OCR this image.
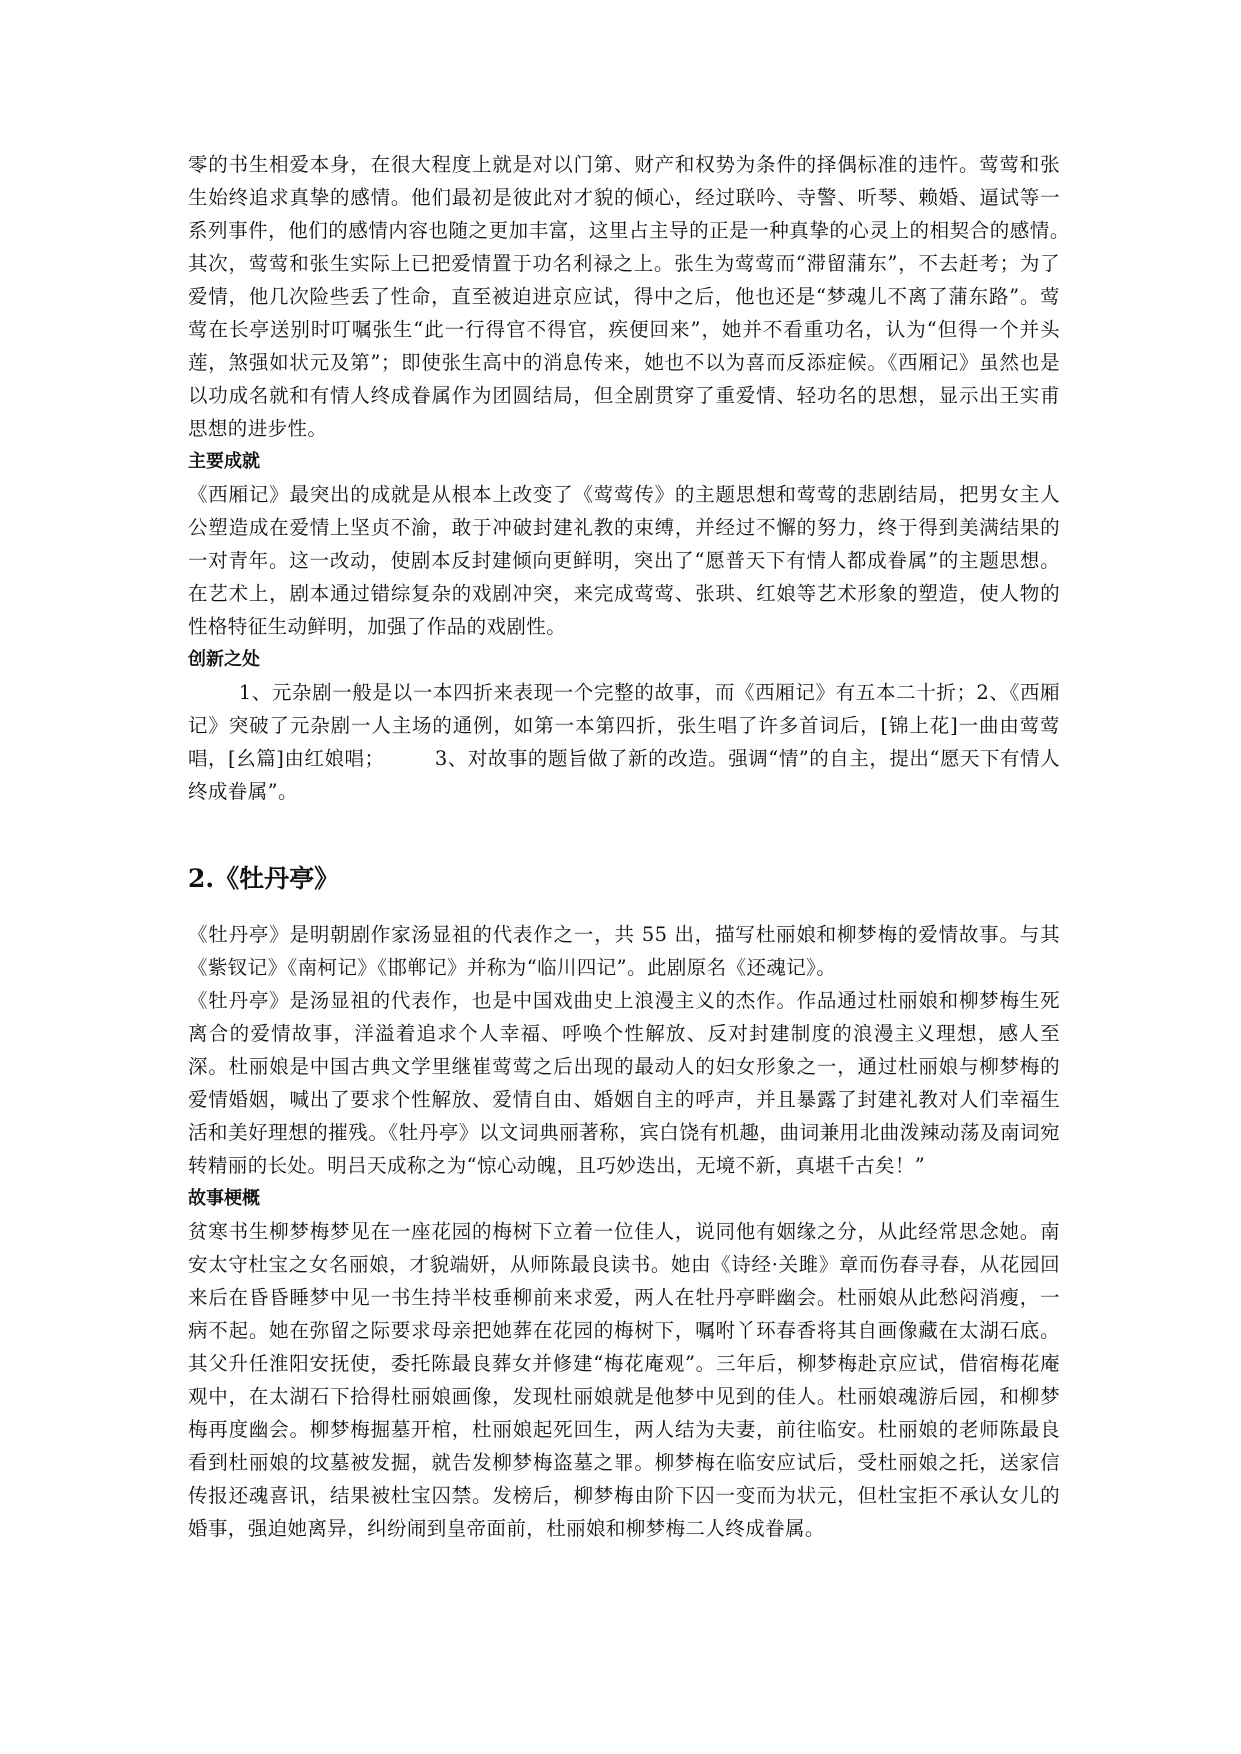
零的书生相爱本身，在很大程度上就是对以门第、财产和权势为条件的择偶标准的违忤。莺莺和张生始终追求真挚的感情。他们最初是彼此对才貌的倾心，经过联吟、寺警、听琴、赖婚、逼试等一系列事件，他们的感情内容也随之更加丰富，这里占主导的正是一种真挚的心灵上的相契合的感情。　　　其次，莺莺和张生实际上已把爱情置于功名利禄之上。张生为莺莺而“滞留蒲东”，不去赶考；为了爱情，他几次险些丢了性命，直至被迫进京应试，得中之后，他也还是“梦魂儿不离了蒲东路”。莺莺在长亭送别时叮嘱张生“此一行得官不得官，疾便回来”，她并不看重功名，认为“但得一个并头莲，煞强如状元及第”；即使张生高中的消息传来，她也不以为喜而反添症候。《西厢记》虽然也是以功成名就和有情人终成眷属作为团圆结局，但全剧贯穿了重爱情、轻功名的思想，显示出王实甫思想的进步性。

主要成就

《西厢记》最突出的成就是从根本上改变了《莺莺传》的主题思想和莺莺的悲剧结局，把男女主人公塑造成在爱情上坚贞不渝，敢于冲破封建礼教的束缚，并经过不懈的努力，终于得到美满结果的一对青年。这一改动，使剧本反封建倾向更鲜明，突出了“愿普天下有情人都成眷属”的主题思想。在艺术上，剧本通过错综复杂的戏剧冲突，来完成莺莺、张珙、红娘等艺术形象的塑造，使人物的性格特征生动鲜明，加强了作品的戏剧性。

创新之处

1、元杂剧一般是以一本四折来表现一个完整的故事，而《西厢记》有五本二十折；2、《西厢记》突破了元杂剧一人主场的通例，如第一本第四折，张生唱了许多首词后，[锦上花]一曲由莺莺唱，[幺篇]由红娘唱；　　　3、对故事的题旨做了新的改造。强调“情”的自主，提出“愿天下有情人终成眷属”。

2.《牡丹亭》

《牡丹亭》是明朝剧作家汤显祖的代表作之一，共 55 出，描写杜丽娘和柳梦梅的爱情故事。与其《紫钗记》《南柯记》《邯郸记》并称为“临川四记”。此剧原名《还魂记》。

《牡丹亭》是汤显祖的代表作，也是中国戏曲史上浪漫主义的杰作。作品通过杜丽娘和柳梦梅生死离合的爱情故事，洋溢着追求个人幸福、呼唤个性解放、反对封建制度的浪漫主义理想，感人至深。杜丽娘是中国古典文学里继崔莺莺之后出现的最动人的妇女形象之一，通过杜丽娘与柳梦梅的爱情婚姻，喊出了要求个性解放、爱情自由、婚姻自主的呼声，并且暴露了封建礼教对人们幸福生活和美好理想的摧残。《牡丹亭》以文词典丽著称，宾白饶有机趣，曲词兼用北曲泼辣动荡及南词宛转精丽的长处。明吕天成称之为“惊心动魄，且巧妙迭出，无境不新，真堪千古矣！”

故事梗概

贫寒书生柳梦梅梦见在一座花园的梅树下立着一位佳人，说同他有姻缘之分，从此经常思念她。南安太守杜宝之女名丽娘，才貌端妍，从师陈最良读书。她由《诗经·关雎》章而伤春寻春，从花园回来后在昏昏睡梦中见一书生持半枝垂柳前来求爱，两人在牡丹亭畔幽会。杜丽娘从此愁闷消瘦，一病不起。她在弥留之际要求母亲把她葬在花园的梅树下，嘱咐丫环春香将其自画像藏在太湖石底。其父升任淮阳安抚使，委托陈最良葬女并修建“梅花庵观”。三年后，柳梦梅赴京应试，借宿梅花庵观中，在太湖石下拾得杜丽娘画像，发现杜丽娘就是他梦中见到的佳人。杜丽娘魂游后园，和柳梦梅再度幽会。柳梦梅掘墓开棺，杜丽娘起死回生，两人结为夫妻，前往临安。杜丽娘的老师陈最良看到杜丽娘的坟墓被发掘，就告发柳梦梅盗墓之罪。柳梦梅在临安应试后，受杜丽娘之托，送家信传报还魂喜讯，结果被杜宝囚禁。发榜后，柳梦梅由阶下囚一变而为状元，但杜宝拒不承认女儿的婚事，强迫她离异，纠纷闹到皇帝面前，杜丽娘和柳梦梅二人终成眷属。
